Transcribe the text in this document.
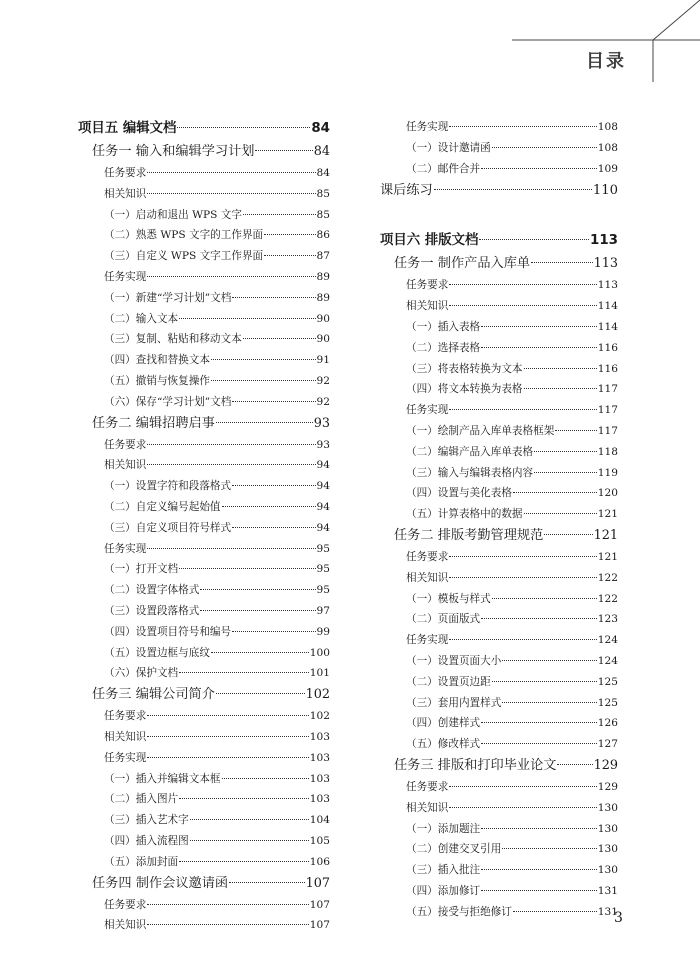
目录
项目五 编辑文档	84
任务一 输入和编辑学习计划	84
任务要求	84
相关知识	85
（一）启动和退出 WPS 文字	85
（二）熟悉 WPS 文字的工作界面	86
（三）自定义 WPS 文字工作界面	87
任务实现	89
（一）新建“学习计划”文档	89
（二）输入文本	90
（三）复制、粘贴和移动文本	90
（四）查找和替换文本	91
（五）撤销与恢复操作	92
（六）保存“学习计划”文档	92
任务二 编辑招聘启事	93
任务要求	93
相关知识	94
（一）设置字符和段落格式	94
（二）自定义编号起始值	94
（三）自定义项目符号样式	94
任务实现	95
（一）打开文档	95
（二）设置字体格式	95
（三）设置段落格式	97
（四）设置项目符号和编号	99
（五）设置边框与底纹	100
（六）保护文档	101
任务三 编辑公司简介	102
任务要求	102
相关知识	103
任务实现	103
（一）插入并编辑文本框	103
（二）插入图片	103
（三）插入艺术字	104
（四）插入流程图	105
（五）添加封面	106
任务四 制作会议邀请函	107
任务要求	107
相关知识	107
任务实现	108
（一）设计邀请函	108
（二）邮件合并	109
课后练习	110
项目六 排版文档	113
任务一 制作产品入库单	113
任务要求	113
相关知识	114
（一）插入表格	114
（二）选择表格	116
（三）将表格转换为文本	116
（四）将文本转换为表格	117
任务实现	117
（一）绘制产品入库单表格框架	117
（二）编辑产品入库单表格	118
（三）输入与编辑表格内容	119
（四）设置与美化表格	120
（五）计算表格中的数据	121
任务二 排版考勤管理规范	121
任务要求	121
相关知识	122
（一）模板与样式	122
（二）页面版式	123
任务实现	124
（一）设置页面大小	124
（二）设置页边距	125
（三）套用内置样式	125
（四）创建样式	126
（五）修改样式	127
任务三 排版和打印毕业论文	129
任务要求	129
相关知识	130
（一）添加题注	130
（二）创建交叉引用	130
（三）插入批注	130
（四）添加修订	131
（五）接受与拒绝修订	131
3
